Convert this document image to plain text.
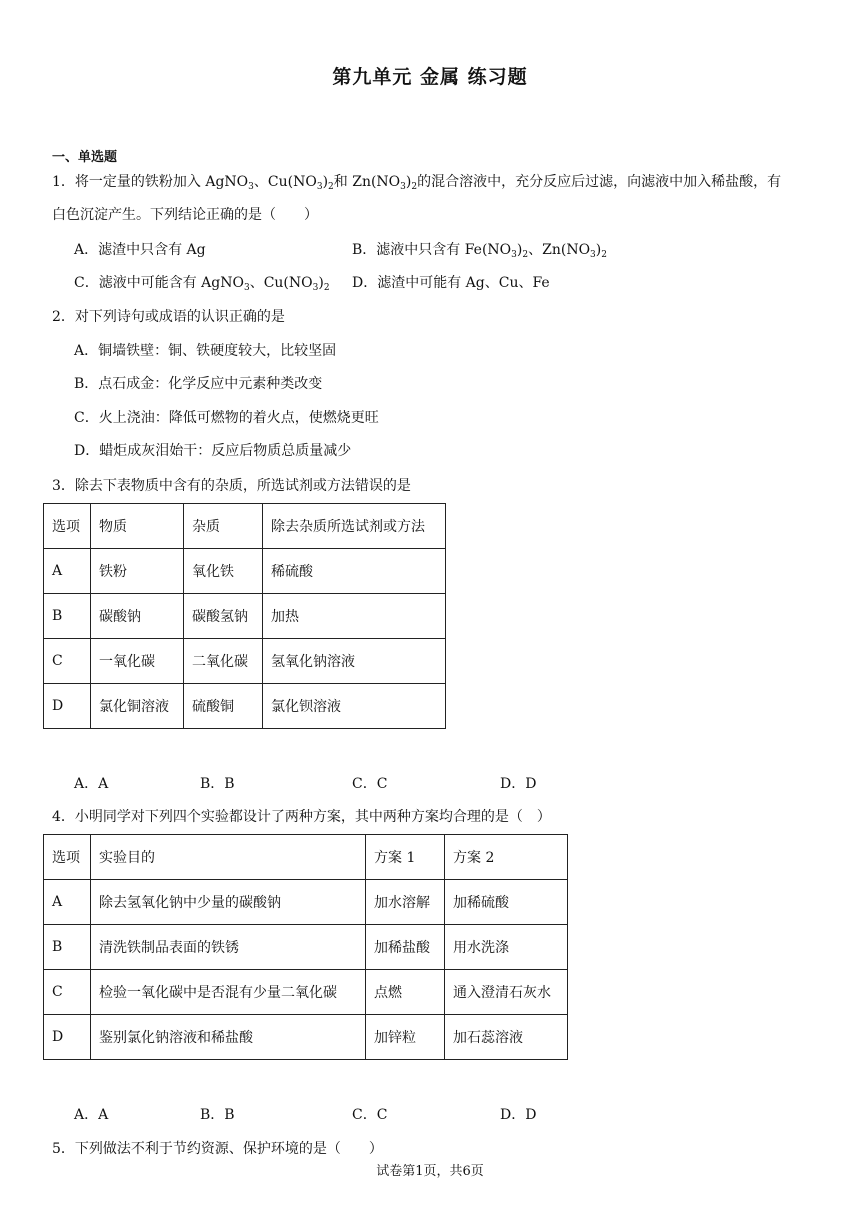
第九单元 金属 练习题
一、单选题
1．将一定量的铁粉加入 AgNO$_3$、$Cu(NO_3)_2$和 $Zn(NO_3)_2$的混合溶液中，充分反应后过滤，向滤液中加入稀盐酸，有
白色沉淀产生。下列结论正确的是（　　）
A．滤渣中只含有 Ag	B．滤液中只含有 $Fe(NO_3)_2$、$Zn(NO_3)_2$
C．滤液中可能含有 AgNO$_3$、$Cu(NO_3)_2$ D．滤渣中可能有 Ag、Cu、Fe
2．对下列诗句或成语的认识正确的是
A．铜墙铁壁：铜、铁硬度较大，比较坚固
B．点石成金：化学反应中元素种类改变
C．火上浇油：降低可燃物的着火点，使燃烧更旺
D．蜡炬成灰泪始干：反应后物质总质量减少
3．除去下表物质中含有的杂质，所选试剂或方法错误的是
选项	物质	杂质	除去杂质所选试剂或方法
A	铁粉	氧化铁	稀硫酸
B	碳酸钠	碳酸氢钠	加热
C	一氧化碳	二氧化碳	氢氧化钠溶液
D	氯化铜溶液	硫酸铜	氯化钡溶液
A．A	B．B	C．C	D．D
4．小明同学对下列四个实验都设计了两种方案，其中两种方案均合理的是（　）
选项	实验目的	方案 1	方案 2
A	除去氢氧化钠中少量的碳酸钠	加水溶解	加稀硫酸
B	清洗铁制品表面的铁锈	加稀盐酸	用水洗涤
C	检验一氧化碳中是否混有少量二氧化碳	点燃	通入澄清石灰水
D	鉴别氯化钠溶液和稀盐酸	加锌粒	加石蕊溶液
A．A	B．B	C．C	D．D
5．下列做法不利于节约资源、保护环境的是（　　）
试卷第1页，共6页
